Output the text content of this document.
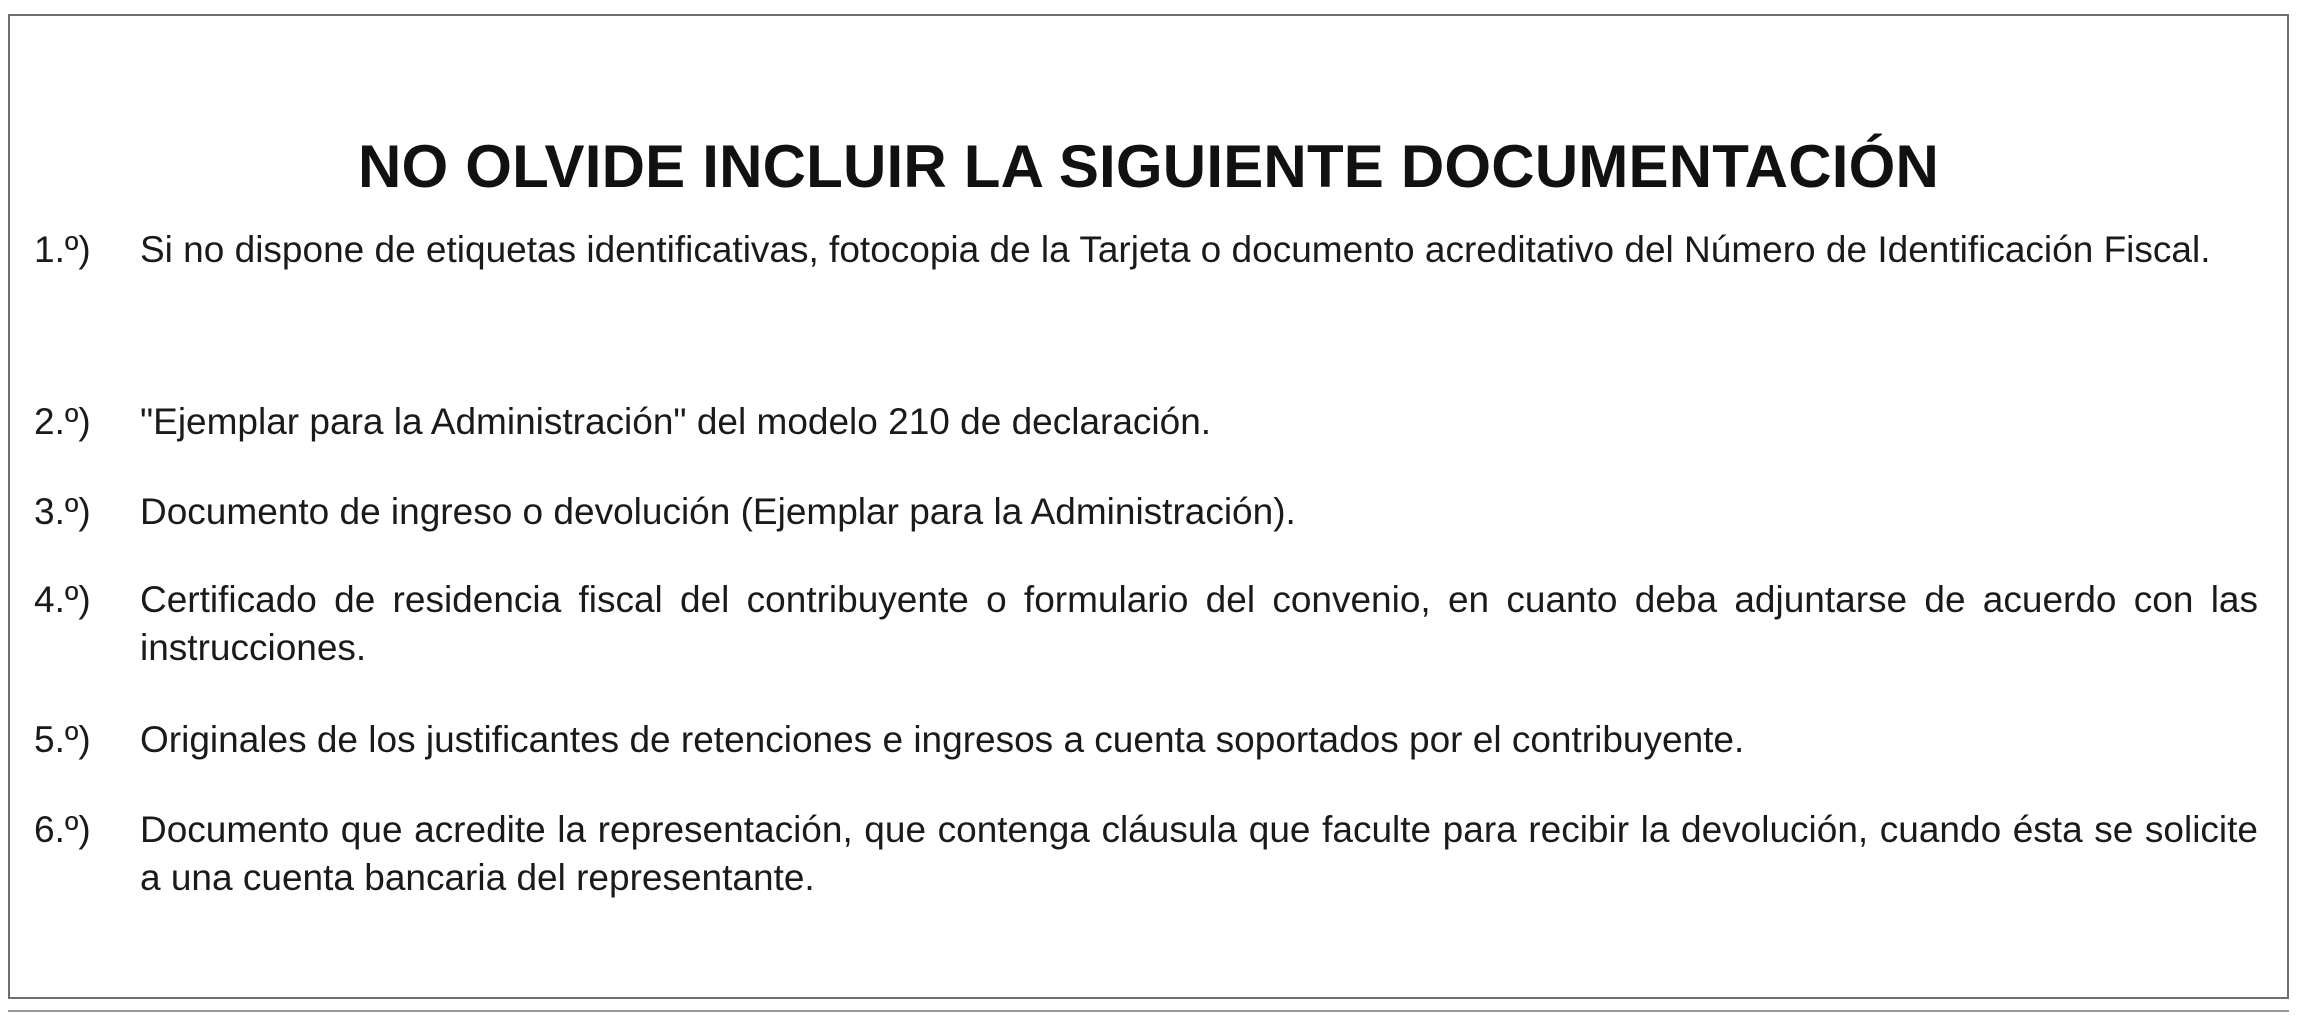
NO OLVIDE INCLUIR LA SIGUIENTE DOCUMENTACIÓN
1.º) Si no dispone de etiquetas identificativas, fotocopia de la Tarjeta o documento acreditativo del Número de Identificación Fiscal.
2.º) "Ejemplar para la Administración" del modelo 210 de declaración.
3.º) Documento de ingreso o devolución (Ejemplar para la Administración).
4.º) Certificado de residencia fiscal del contribuyente o formulario del convenio, en cuanto deba adjuntarse de acuerdo con las instrucciones.
5.º) Originales de los justificantes de retenciones e ingresos a cuenta soportados por el contribuyente.
6.º) Documento que acredite la representación, que contenga cláusula que faculte para recibir la devolución, cuando ésta se solicite a una cuenta bancaria del representante.
